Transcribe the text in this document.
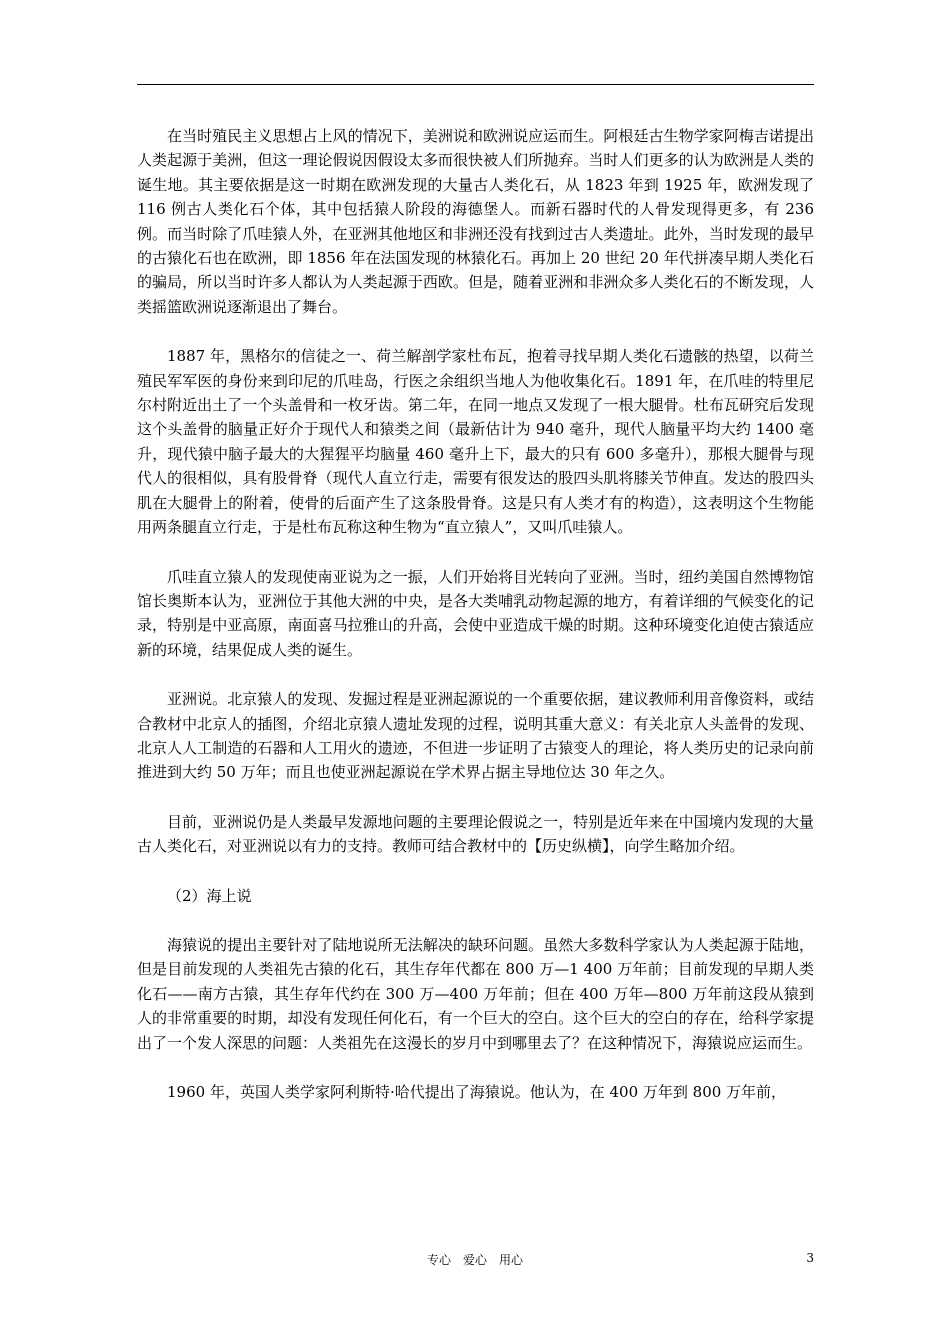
在当时殖民主义思想占上风的情况下，美洲说和欧洲说应运而生。阿根廷古生物学家阿梅吉诺提出人类起源于美洲，但这一理论假说因假设太多而很快被人们所抛弃。当时人们更多的认为欧洲是人类的诞生地。其主要依据是这一时期在欧洲发现的大量古人类化石，从 1823 年到 1925 年，欧洲发现了 116 例古人类化石个体，其中包括猿人阶段的海德堡人。而新石器时代的人骨发现得更多，有 236 例。而当时除了爪哇猿人外，在亚洲其他地区和非洲还没有找到过古人类遗址。此外，当时发现的最早的古猿化石也在欧洲，即 1856 年在法国发现的林猿化石。再加上 20 世纪 20 年代拼凑早期人类化石的骗局，所以当时许多人都认为人类起源于西欧。但是，随着亚洲和非洲众多人类化石的不断发现，人类摇篮欧洲说逐渐退出了舞台。

1887 年，黑格尔的信徒之一、荷兰解剖学家杜布瓦，抱着寻找早期人类化石遗骸的热望，以荷兰殖民军军医的身份来到印尼的爪哇岛，行医之余组织当地人为他收集化石。1891 年，在爪哇的特里尼尔村附近出土了一个头盖骨和一枚牙齿。第二年，在同一地点又发现了一根大腿骨。杜布瓦研究后发现这个头盖骨的脑量正好介于现代人和猿类之间（最新估计为 940 毫升，现代人脑量平均大约 1400 毫升，现代猿中脑子最大的大猩猩平均脑量 460 毫升上下，最大的只有 600 多毫升），那根大腿骨与现代人的很相似，具有股骨脊（现代人直立行走，需要有很发达的股四头肌将膝关节伸直。发达的股四头肌在大腿骨上的附着，使骨的后面产生了这条股骨脊。这是只有人类才有的构造），这表明这个生物能用两条腿直立行走，于是杜布瓦称这种生物为“直立猿人”，又叫爪哇猿人。

爪哇直立猿人的发现使南亚说为之一振，人们开始将目光转向了亚洲。当时，纽约美国自然博物馆馆长奥斯本认为，亚洲位于其他大洲的中央，是各大类哺乳动物起源的地方，有着详细的气候变化的记录，特别是中亚高原，南面喜马拉雅山的升高，会使中亚造成干燥的时期。这种环境变化迫使古猿适应新的环境，结果促成人类的诞生。

亚洲说。北京猿人的发现、发掘过程是亚洲起源说的一个重要依据，建议教师利用音像资料，或结合教材中北京人的插图，介绍北京猿人遗址发现的过程，说明其重大意义：有关北京人头盖骨的发现、北京人人工制造的石器和人工用火的遗迹，不但进一步证明了古猿变人的理论，将人类历史的记录向前推进到大约 50 万年；而且也使亚洲起源说在学术界占据主导地位达 30 年之久。

目前，亚洲说仍是人类最早发源地问题的主要理论假说之一，特别是近年来在中国境内发现的大量古人类化石，对亚洲说以有力的支持。教师可结合教材中的【历史纵横】，向学生略加介绍。

（2）海上说

海猿说的提出主要针对了陆地说所无法解决的缺环问题。虽然大多数科学家认为人类起源于陆地，但是目前发现的人类祖先古猿的化石，其生存年代都在 800 万—1 400 万年前；目前发现的早期人类化石——南方古猿，其生存年代约在 300 万—400 万年前；但在 400 万年—800 万年前这段从猿到人的非常重要的时期，却没有发现任何化石，有一个巨大的空白。这个巨大的空白的存在，给科学家提出了一个发人深思的问题：人类祖先在这漫长的岁月中到哪里去了？在这种情况下，海猿说应运而生。

1960 年，英国人类学家阿利斯特·哈代提出了海猿说。他认为，在 400 万年到 800 万年前，

专心　爱心　用心	3
